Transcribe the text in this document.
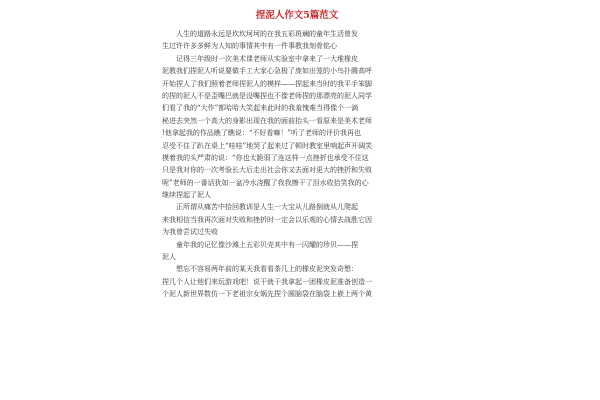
捏泥人作文5篇范文
人生的道路永远是坎坎坷坷的在我五彩斑斓的童年生活曾发
生过许许多多鲜为人知的事情其中有一件事教我刻骨铭心
记得三年级时一次美术课老师从实验室中拿来了一大堆橡皮
泥教我们捏泥人听说要做手工大家心急极了庞如出笼的小鸟扑腾高呼
开始捏人了我们照着老师捏泥人的模样——捏起来当时的我平手笨脚
的捏的泥人不是歪嘴巴就是没嘴捏也不像老师捏的那漂亮的泥人同学
们看了我的“大作”都哈哈大笑起来此时的我羞愧难当得像个一滴
秘进去突然一个高大的身影出现在我的面前抬头一看原来是美术老师
!他拿起我的作品瞧了瞧说：“不好看嘛！”听了老师的评价我再也
忍受不住了趴在桌上“哇哇”地哭了起来过了顿时教室里响起声开阔笑
摸着我的头严肃的说：“你也太脆弱了连这样一点挫折也承受不住这
只是我对你的一次考验长大后走出社会你又去面对更大的挫折和失败
呢”老师的一番话犹如一盆冷水浇醒了我我擦干了泪水收拾笑我的心
继续捏起了泥人
正所谓从痛苦中拾回教训是人生一大宝从儿路倒就从儿爬起
来我相信当我再次面对失败和挫折时一定会以乐观的心情去战胜它因
为我曾尝试过失败
童年我的记忆像沙滩上五彩贝壳其中有一闪耀的珍贝——捏
泥人
想忘不容易两年前的某天我看看茶几上的橡皮泥突发奇想：
捏几个人让他们来玩游戏吧！说干就干我拿起一团橡皮泥准备创造一
个泥人新世界数仿一下老祖宗女娲先捏个圆脑袋在脑袋上嵌上两个黄
